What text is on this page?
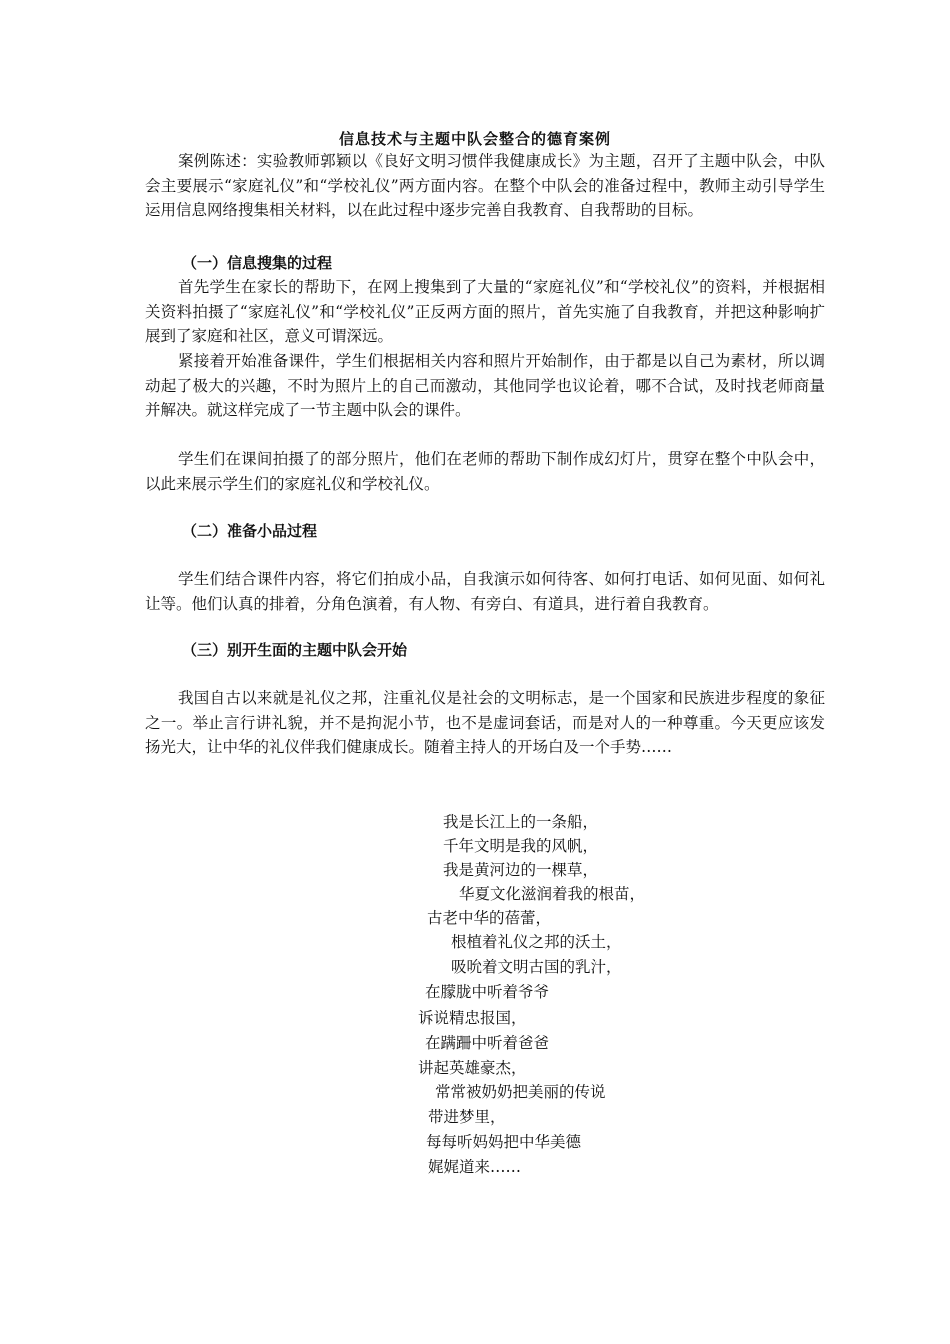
信息技术与主题中队会整合的德育案例

案例陈述：实验教师郭颖以《良好文明习惯伴我健康成长》为主题，召开了主题中队会，中队会主要展示“家庭礼仪”和“学校礼仪”两方面内容。在整个中队会的准备过程中，教师主动引导学生运用信息网络搜集相关材料，以在此过程中逐步完善自我教育、自我帮助的目标。

（一）信息搜集的过程

首先学生在家长的帮助下，在网上搜集到了大量的“家庭礼仪”和“学校礼仪”的资料，并根据相关资料拍摄了“家庭礼仪”和“学校礼仪”正反两方面的照片，首先实施了自我教育，并把这种影响扩展到了家庭和社区，意义可谓深远。

紧接着开始准备课件，学生们根据相关内容和照片开始制作，由于都是以自己为素材，所以调动起了极大的兴趣，不时为照片上的自己而激动，其他同学也议论着，哪不合试，及时找老师商量并解决。就这样完成了一节主题中队会的课件。

学生们在课间拍摄了的部分照片，他们在老师的帮助下制作成幻灯片，贯穿在整个中队会中，以此来展示学生们的家庭礼仪和学校礼仪。

（二）准备小品过程

学生们结合课件内容，将它们拍成小品，自我演示如何待客、如何打电话、如何见面、如何礼让等。他们认真的排着，分角色演着，有人物、有旁白、有道具，进行着自我教育。

（三）别开生面的主题中队会开始

我国自古以来就是礼仪之邦，注重礼仪是社会的文明标志，是一个国家和民族进步程度的象征之一。举止言行讲礼貌，并不是拘泥小节，也不是虚词套话，而是对人的一种尊重。今天更应该发扬光大，让中华的礼仪伴我们健康成长。随着主持人的开场白及一个手势……

我是长江上的一条船，
千年文明是我的风帆，
我是黄河边的一棵草，
华夏文化滋润着我的根苗，
古老中华的蓓蕾，
根植着礼仪之邦的沃土，
吸吮着文明古国的乳汁，
在朦胧中听着爷爷
诉说精忠报国，
在蹒跚中听着爸爸
讲起英雄豪杰，
常常被奶奶把美丽的传说
带进梦里，
每每听妈妈把中华美德
娓娓道来……
